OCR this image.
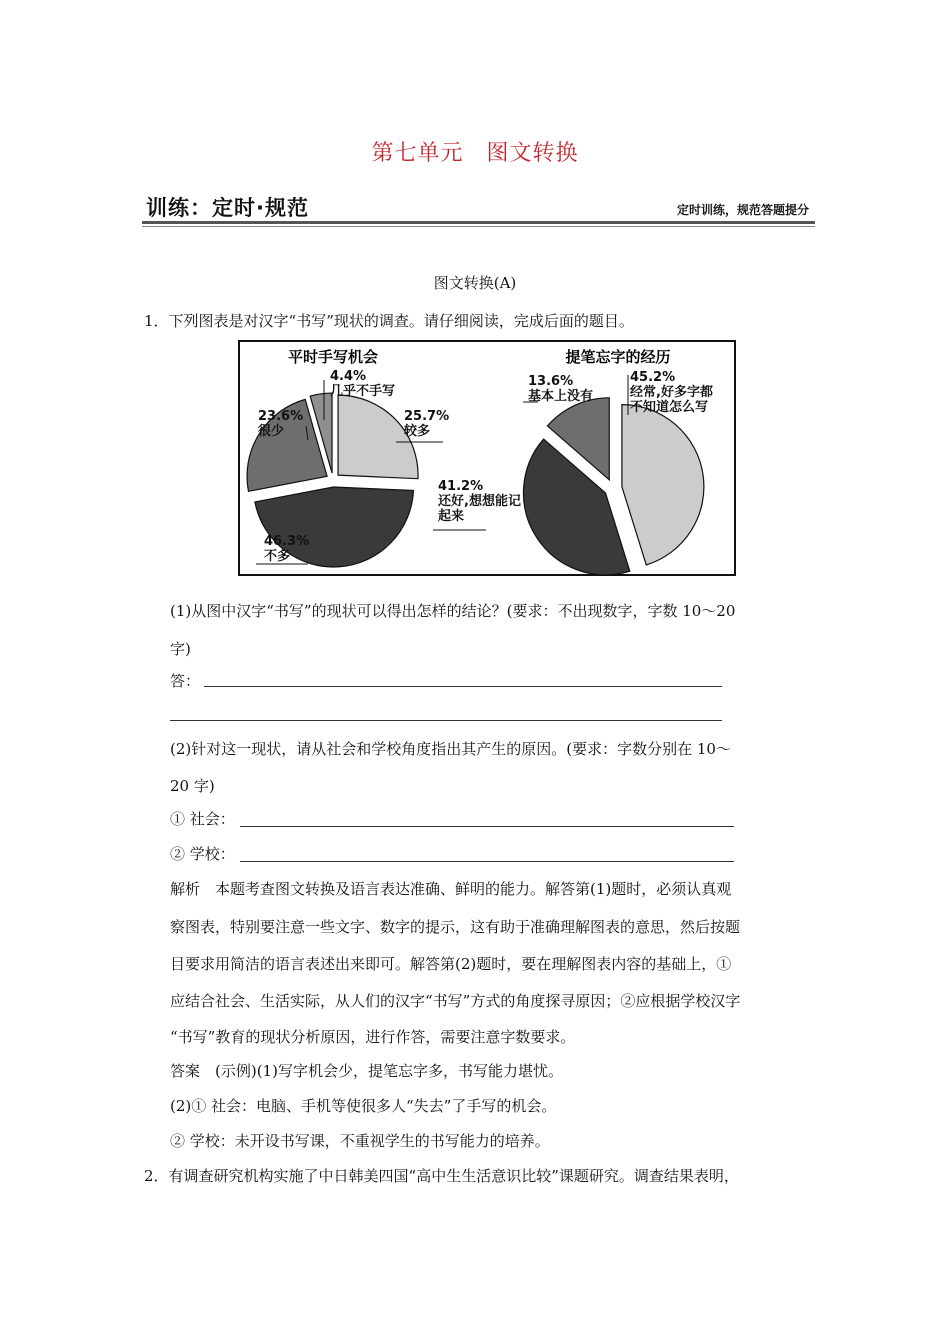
第七单元　图文转换
训练：定时·规范	定时训练，规范答题提分
图文转换(A)
1．下列图表是对汉字“书写”现状的调查。请仔细阅读，完成后面的题目。
平时手写机会	提笔忘字的经历
25.7%
较多
46.3%
不多
23.6%
很少
4.4%
几乎不手写
45.2%
经常,好多字都
不知道怎么写
41.2%
还好,想想能记
起来
13.6%
基本上没有
(1)从图中汉字“书写”的现状可以得出怎样的结论？(要求：不出现数字，字数 10～20
字)
答：
(2)针对这一现状，请从社会和学校角度指出其产生的原因。(要求：字数分别在 10～
20 字)
① 社会：
② 学校：
解析　本题考查图文转换及语言表达准确、鲜明的能力。解答第(1)题时，必须认真观
察图表，特别要注意一些文字、数字的提示，这有助于准确理解图表的意思，然后按题
目要求用简洁的语言表述出来即可。解答第(2)题时，要在理解图表内容的基础上，①
应结合社会、生活实际，从人们的汉字“书写”方式的角度探寻原因；②应根据学校汉字
“书写”教育的现状分析原因，进行作答，需要注意字数要求。
答案　(示例)(1)写字机会少，提笔忘字多，书写能力堪忧。
(2)① 社会：电脑、手机等使很多人“失去”了手写的机会。
② 学校：未开设书写课，不重视学生的书写能力的培养。
2．有调查研究机构实施了中日韩美四国“高中生生活意识比较”课题研究。调查结果表明，
